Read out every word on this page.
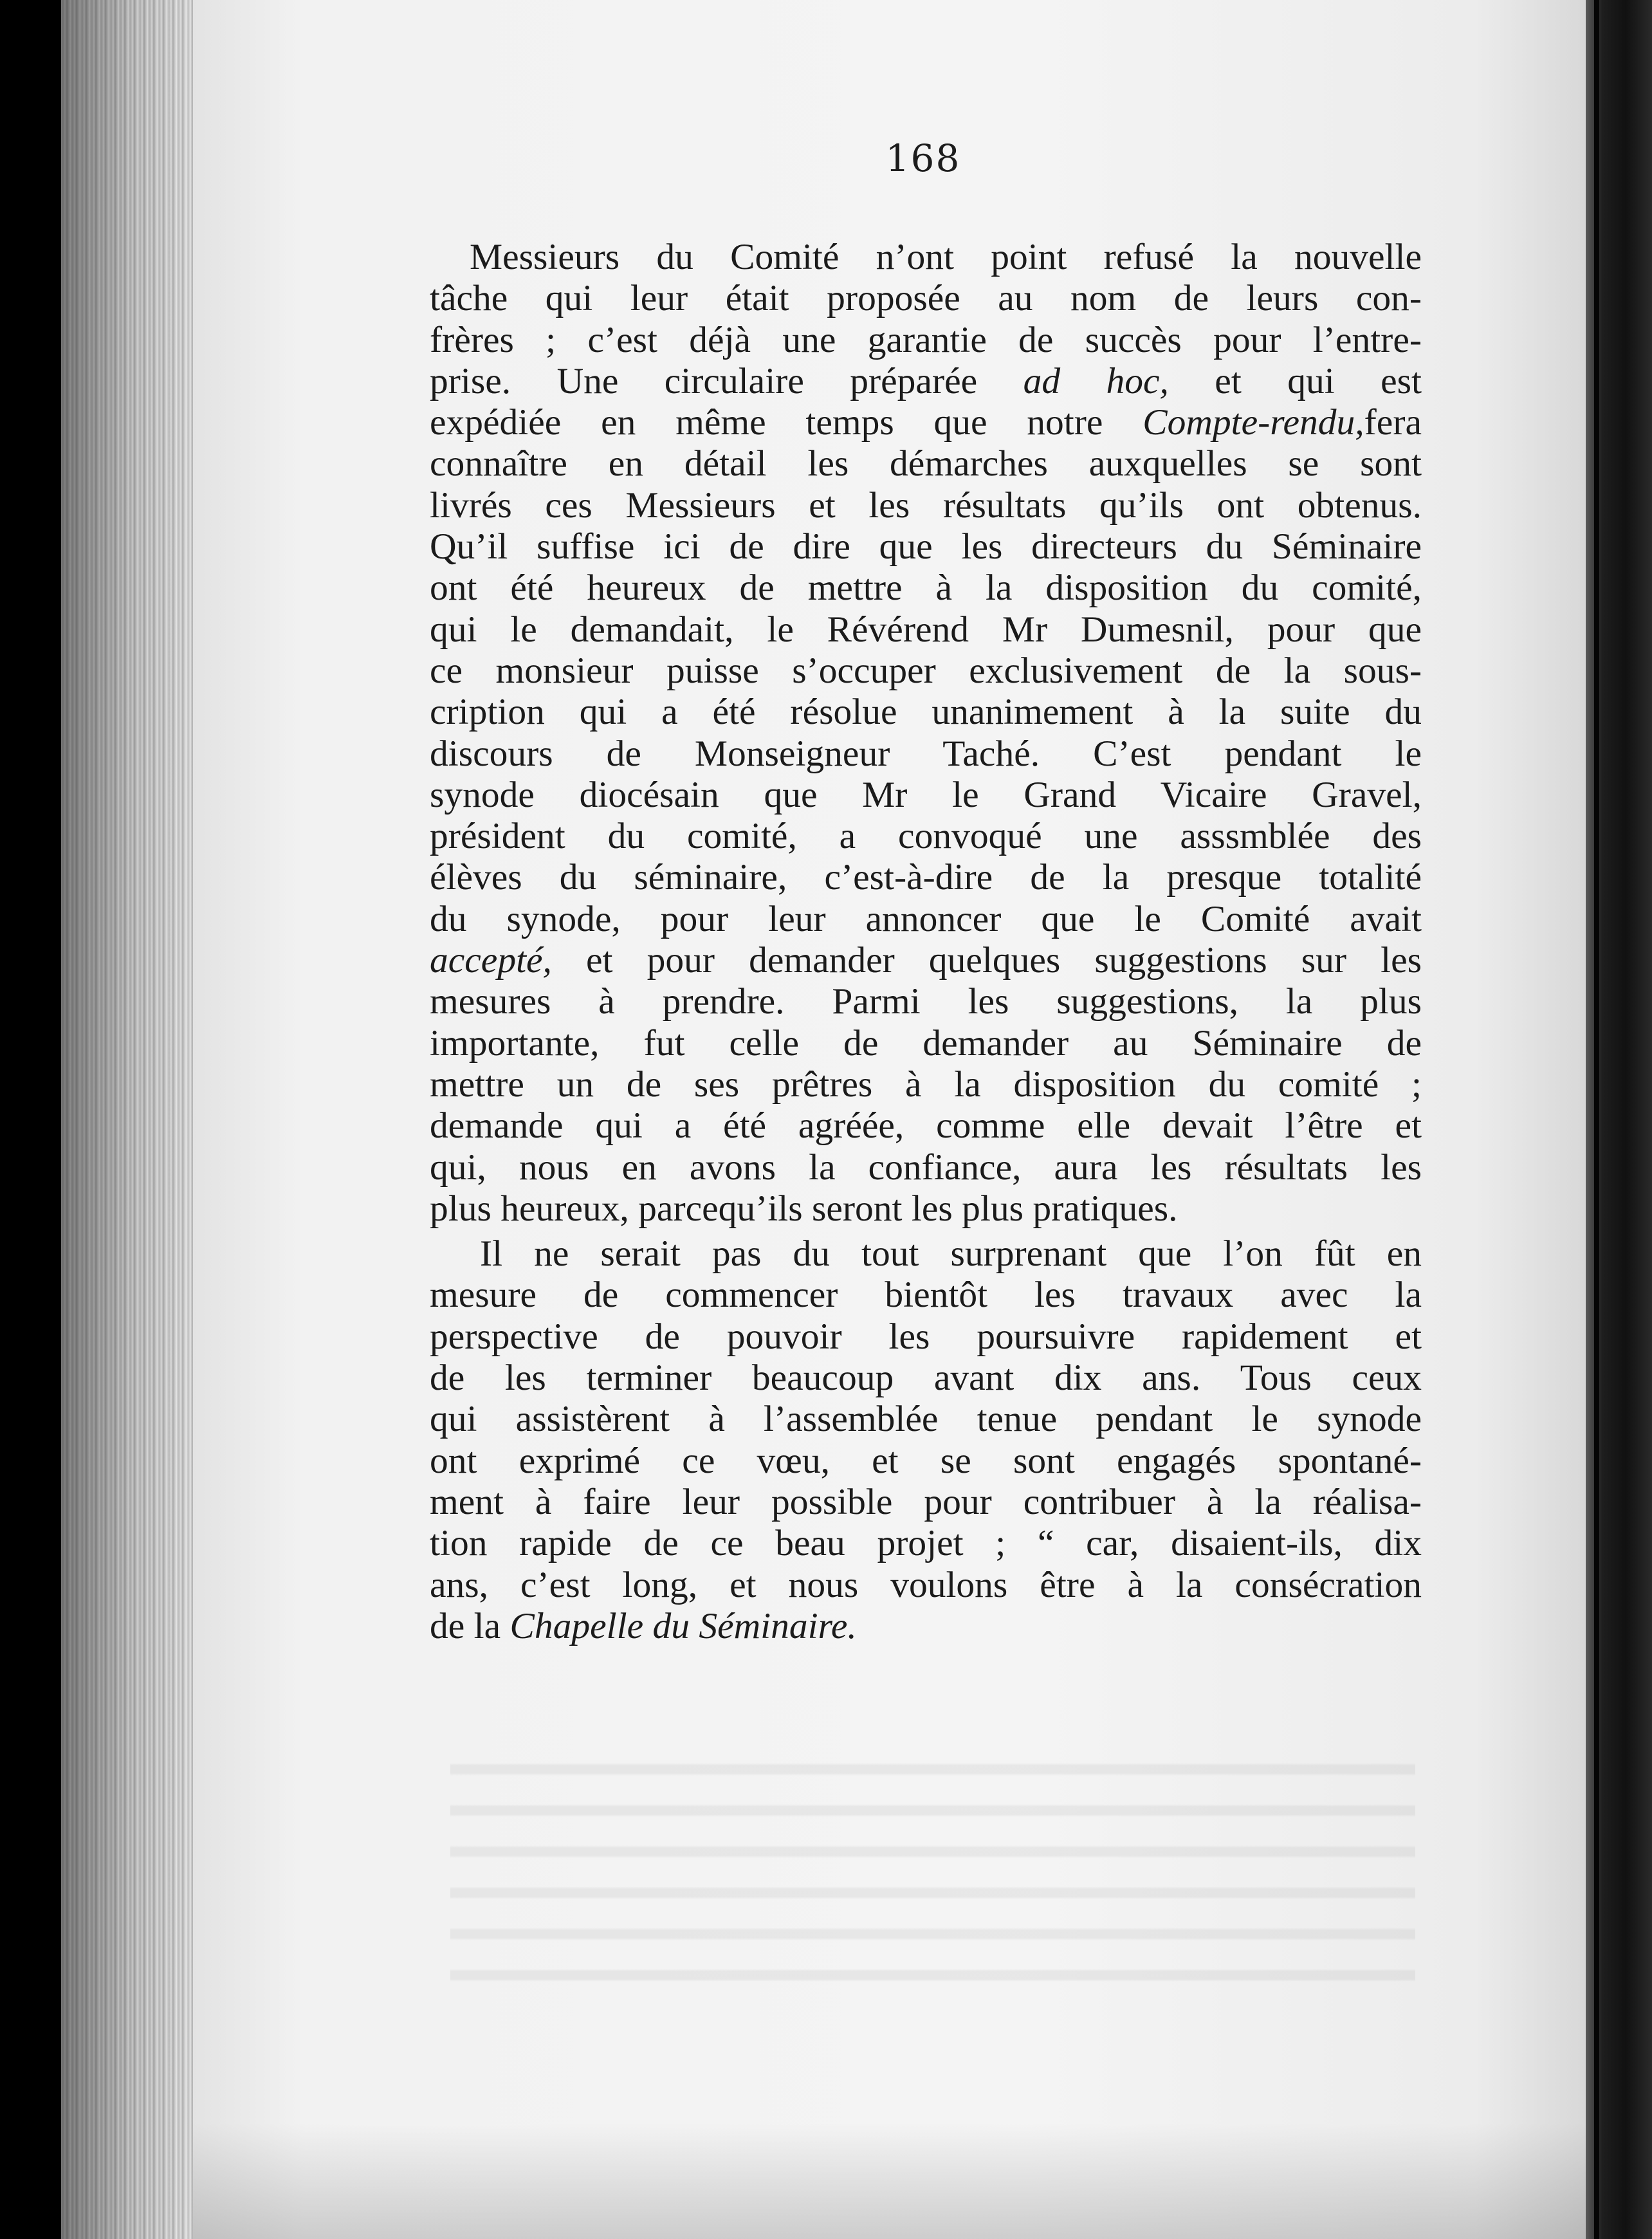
168
Messieurs du Comité n’ont point refusé la nouvelle
tâche qui leur était proposée au nom de leurs con-
frères ; c’est déjà une garantie de succès pour l’entre-
prise. Une circulaire préparée ad hoc, et qui est
expédiée en même temps que notre Compte-rendu,fera
connaître en détail les démarches auxquelles se sont
livrés ces Messieurs et les résultats qu’ils ont obtenus.
Qu’il suffise ici de dire que les directeurs du Séminaire
ont été heureux de mettre à la disposition du comité,
qui le demandait, le Révérend Mr Dumesnil, pour que
ce monsieur puisse s’occuper exclusivement de la sous-
cription qui a été résolue unanimement à la suite du
discours de Monseigneur Taché. C’est pendant le
synode diocésain que Mr le Grand Vicaire Gravel,
président du comité, a convoqué une asssmblée des
élèves du séminaire, c’est-à-dire de la presque totalité
du synode, pour leur annoncer que le Comité avait
accepté, et pour demander quelques suggestions sur les
mesures à prendre. Parmi les suggestions, la plus
importante, fut celle de demander au Séminaire de
mettre un de ses prêtres à la disposition du comité ;
demande qui a été agréée, comme elle devait l’être et
qui, nous en avons la confiance, aura les résultats les
plus heureux, parcequ’ils seront les plus pratiques.
Il ne serait pas du tout surprenant que l’on fût en
mesure de commencer bientôt les travaux avec la
perspective de pouvoir les poursuivre rapidement et
de les terminer beaucoup avant dix ans. Tous ceux
qui assistèrent à l’assemblée tenue pendant le synode
ont exprimé ce vœu, et se sont engagés spontané-
ment à faire leur possible pour contribuer à la réalisa-
tion rapide de ce beau projet ; “ car, disaient-ils, dix
ans, c’est long, et nous voulons être à la consécration
de la Chapelle du Séminaire.
